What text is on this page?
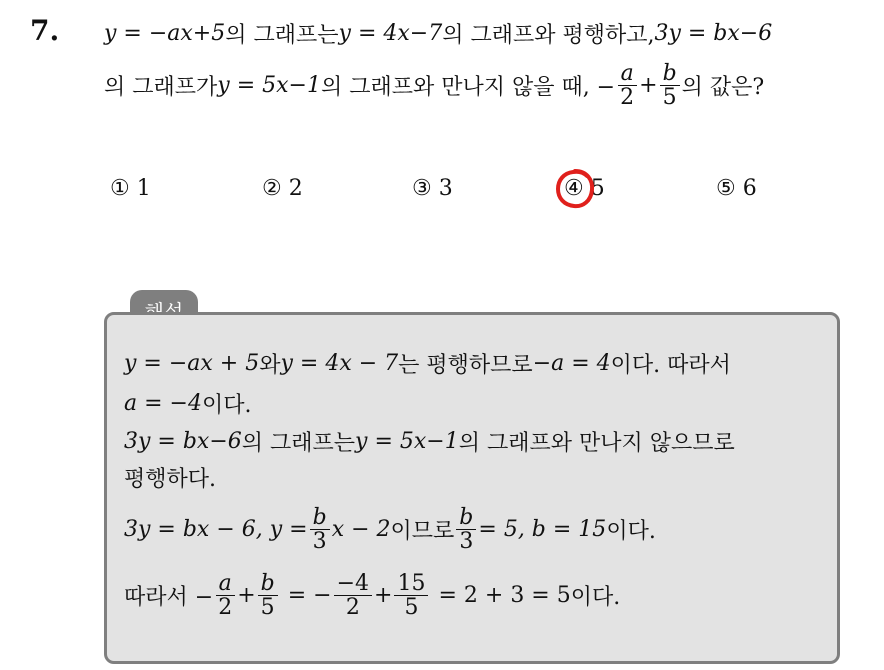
7. y = −ax+5 의 그래프는 y = 4x−7 의 그래프와 평행하고, 3y = bx−6
의 그래프가 y = 5x−1 의 그래프와 만나지 않을 때, − $\frac{a}{2} + \frac{b}{5}$ 의 값은?
① 1	② 2	③ 3	④ 5	⑤ 6
y = −ax + 5 와 y = 4x − 7 는 평행하므로 −a = 4 이다. 따라서
a = −4 이다.
3y = bx−6 의 그래프는 y = 5x−1 의 그래프와 만나지 않으므로
평행하다.
3y = bx − 6, $y = \frac{b}{3}$ x − 2 이므로 $\frac{b}{3} = 5$, b = 15 이다.
따라서 − $\frac{a}{2} + \frac{b}{5}$ = − $\frac{-4}{2} + \frac{15}{5} = 2 + 3 = 5$ 이다.
